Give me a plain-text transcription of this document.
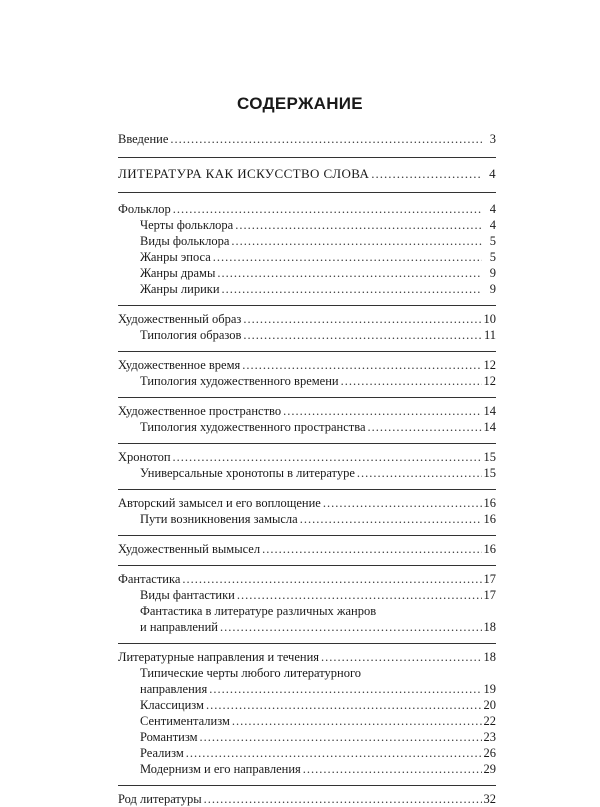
СОДЕРЖАНИЕ
Введение .....	3
ЛИТЕРАТУРА КАК ИСКУССТВО СЛОВА .....	4
Фольклор .....	4
Черты фольклора .....	4
Виды фольклора .....	5
Жанры эпоса .....	5
Жанры драмы .....	9
Жанры лирики .....	9
Художественный образ .....	10
Типология образов .....	11
Художественное время .....	12
Типология художественного времени .....	12
Художественное пространство .....	14
Типология художественного пространства .....	14
Хронотоп .....	15
Универсальные хронотопы в литературе .....	15
Авторский замысел и его воплощение .....	16
Пути возникновения замысла .....	16
Художественный вымысел .....	16
Фантастика .....	17
Виды фантастики .....	17
Фантастика в литературе различных жанров
и направлений .....	18
Литературные направления и течения .....	18
Типические черты любого литературного
направления .....	19
Классицизм .....	20
Сентиментализм .....	22
Романтизм .....	23
Реализм .....	26
Модернизм и его направления .....	29
Род литературы .....	32
